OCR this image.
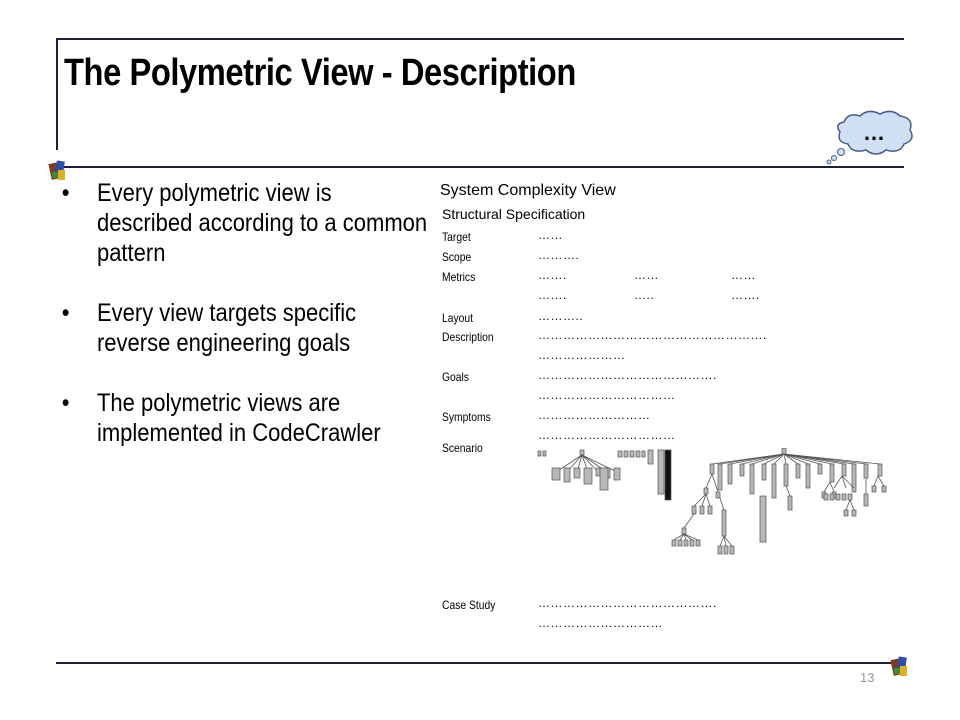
The Polymetric View - Description
…
• Every polymetric view is described according to a common pattern
• Every view targets specific reverse engineering goals
• The polymetric views are implemented in CodeCrawler
System Complexity View
Structural Specification
Target	……
Scope	……….
Metrics	…….	……	……
…….	…..	…….
Layout	………..
Description	……………………………………………….
…………………
Goals	…………………………………….
……………………………
Symptoms	………………………
……………………………
Scenario
Case Study	…………………………………….
…………………………
13
